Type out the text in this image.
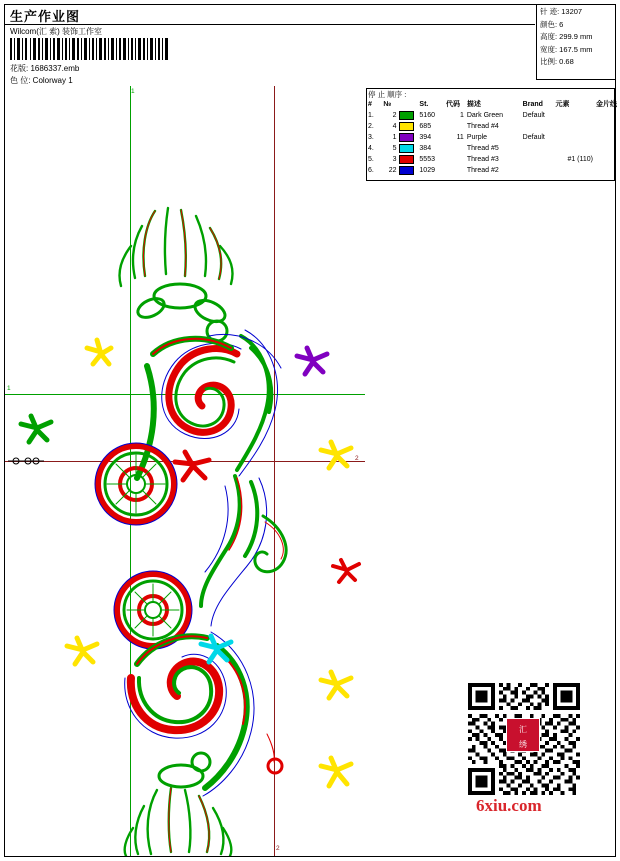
生产作业图
Wilcom(汇 索) 装饰工作室
花版: 1686337.emb
色 位: Colorway 1
针 迹: 13207
颜色: 6
高度: 299.9 mm
宽度: 167.5 mm
比例: 0.68
停 止 顺序 :
#	№		St.	代码	描述	Brand	元素	金片线
1.	2		5160	1	Dark Green	Default		
2.	4		685		Thread #4			
3.	1		394	11	Purple	Default		
4.	5		384		Thread #5			
5.	3		5553		Thread #3		#1 (110)	
6.	22		1029		Thread #2			
1
1
2
2
汇
绣
6xiu.com
